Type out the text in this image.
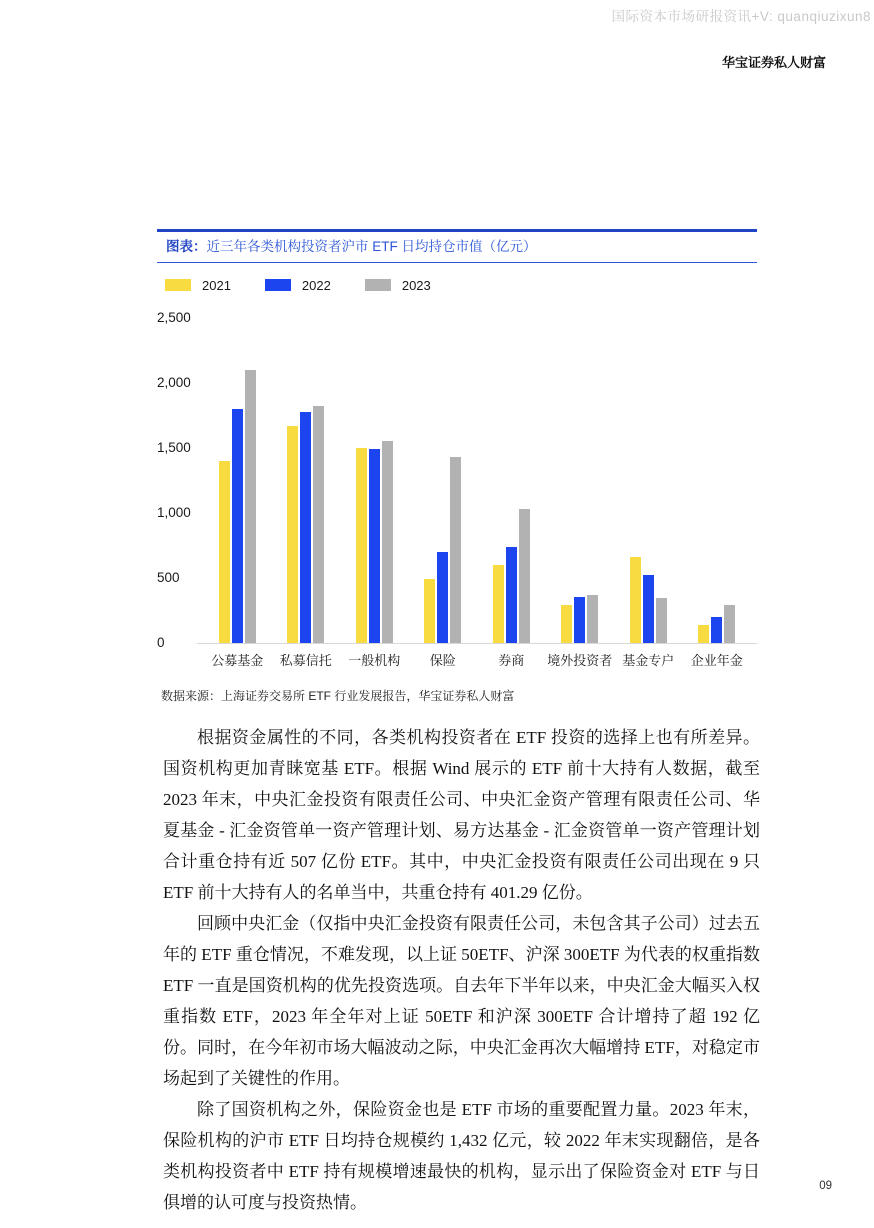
国际资本市场研报资讯+V: quanqiuzixun8
华宝证券私人财富
图表：近三年各类机构投资者沪市 ETF 日均持仓市值（亿元）
2021	2022	2023
公募基金	私募信托	一般机构	保险	券商	境外投资者 基金专户	企业年金
0
500
1,000
1,500
2,000
2,500
数据来源：上海证券交易所 ETF 行业发展报告，华宝证券私人财富

根据资金属性的不同，各类机构投资者在 ETF 投资的选择上也有所差异。国资机构更加青睐宽基 ETF。根据 Wind 展示的 ETF 前十大持有人数据，截至 2023 年末，中央汇金投资有限责任公司、中央汇金资产管理有限责任公司、华夏基金 - 汇金资管单一资产管理计划、易方达基金 - 汇金资管单一资产管理计划合计重仓持有近 507 亿份 ETF。其中，中央汇金投资有限责任公司出现在 9 只 ETF 前十大持有人的名单当中，共重仓持有 401.29 亿份。

回顾中央汇金（仅指中央汇金投资有限责任公司，未包含其子公司）过去五年的 ETF 重仓情况，不难发现，以上证 50ETF、沪深 300ETF 为代表的权重指数 ETF 一直是国资机构的优先投资选项。自去年下半年以来，中央汇金大幅买入权重指数 ETF，2023 年全年对上证 50ETF 和沪深 300ETF 合计增持了超 192 亿份。同时，在今年初市场大幅波动之际，中央汇金再次大幅增持 ETF，对稳定市场起到了关键性的作用。

除了国资机构之外，保险资金也是 ETF 市场的重要配置力量。2023 年末，保险机构的沪市 ETF 日均持仓规模约 1,432 亿元，较 2022 年末实现翻倍，是各类机构投资者中 ETF 持有规模增速最快的机构，显示出了保险资金对 ETF 与日俱增的认可度与投资热情。

09
